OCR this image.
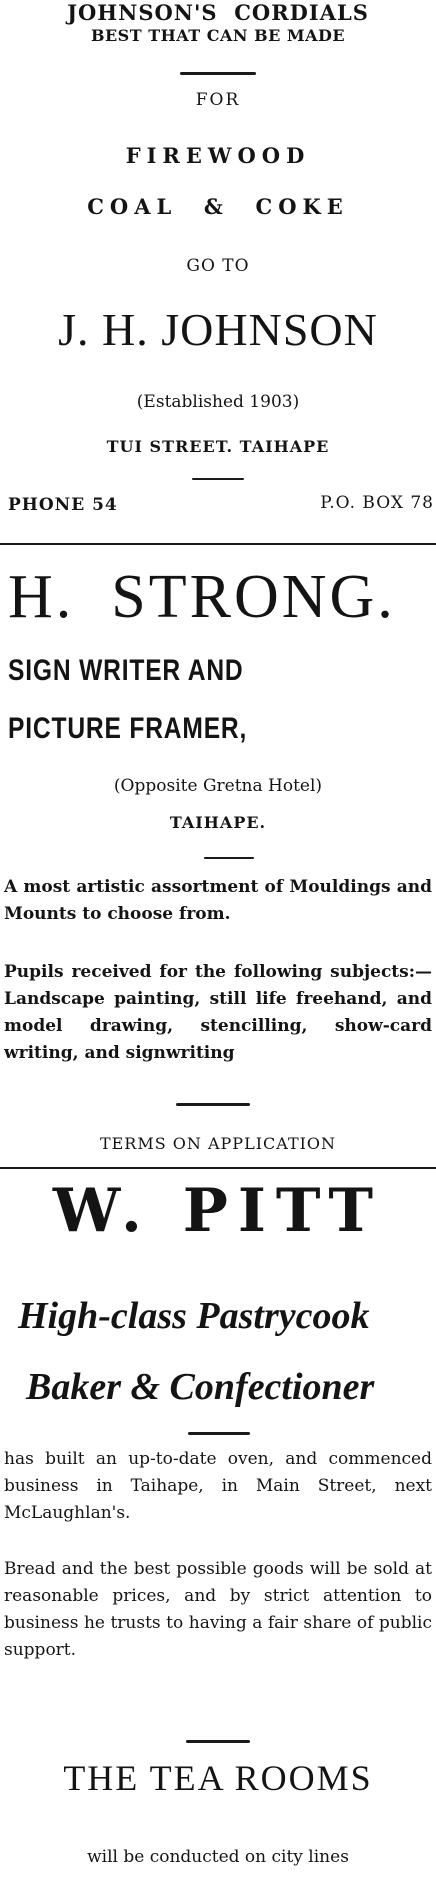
JOHNSON'S  CORDIALS
BEST THAT CAN BE MADE
FOR
FIREWOOD
COAL  &  COKE
GO TO
J. H. JOHNSON
(Established 1903)
TUI STREET. TAIHAPE
PHONE 54	P.O. BOX 78
H.  STRONG.
SIGN WRITER AND
PICTURE FRAMER,
(Opposite Gretna Hotel)
TAIHAPE.
A most artistic assortment of Mouldings and Mounts to choose from.
Pupils received for the following subjects:—Landscape painting, still life freehand, and model drawing, stencilling, show-card writing, and signwriting
TERMS ON APPLICATION
W. PITT
High-class Pastrycook
Baker & Confectioner
has built an up-to-date oven, and commenced business in Taihape, in Main Street, next McLaughlan's.
Bread and the best possible goods will be sold at reasonable prices, and by strict attention to business he trusts to having a fair share of public support.
THE TEA ROOMS
will be conducted on city lines
